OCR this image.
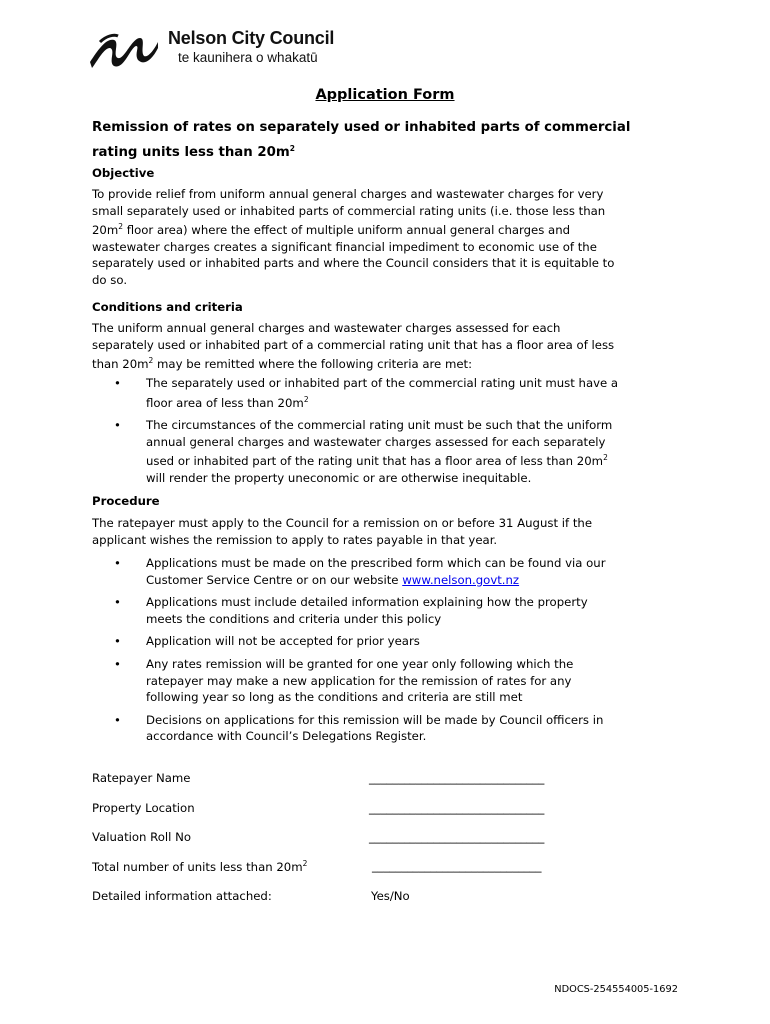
Nelson City Council
te kaunihera o whakatū
Application Form
Remission of rates on separately used or inhabited parts of commercial
rating units less than $20m^2$
Objective

To provide relief from uniform annual general charges and wastewater charges for very

small separately used or inhabited parts of commercial rating units (i.e. those less than

$20m^2$ floor area) where the effect of multiple uniform annual general charges and

wastewater charges creates a significant financial impediment to economic use of the

separately used or inhabited parts and where the Council considers that it is equitable to

do so.

Conditions and criteria

The uniform annual general charges and wastewater charges assessed for each

separately used or inhabited part of a commercial rating unit that has a floor area of less

than $20m^2$ may be remitted where the following criteria are met:

• The separately used or inhabited part of the commercial rating unit must have a

floor area of less than $20m^2$

• The circumstances of the commercial rating unit must be such that the uniform

annual general charges and wastewater charges assessed for each separately

used or inhabited part of the rating unit that has a floor area of less than $20m^2$

will render the property uneconomic or are otherwise inequitable.

Procedure

The ratepayer must apply to the Council for a remission on or before 31 August if the

applicant wishes the remission to apply to rates payable in that year.

• Applications must be made on the prescribed form which can be found via our

Customer Service Centre or on our website www.nelson.govt.nz

• Applications must include detailed information explaining how the property

meets the conditions and criteria under this policy

• Application will not be accepted for prior years

• Any rates remission will be granted for one year only following which the

ratepayer may make a new application for the remission of rates for any

following year so long as the conditions and criteria are still met

• Decisions on applications for this remission will be made by Council officers in

accordance with Council’s Delegations Register.

Ratepayer Name	______________________________
Property Location	______________________________
Valuation Roll No	______________________________
Total number of units less than $20m^2$	_____________________________
Detailed information attached:	Yes/No
NDOCS-254554005-1692
